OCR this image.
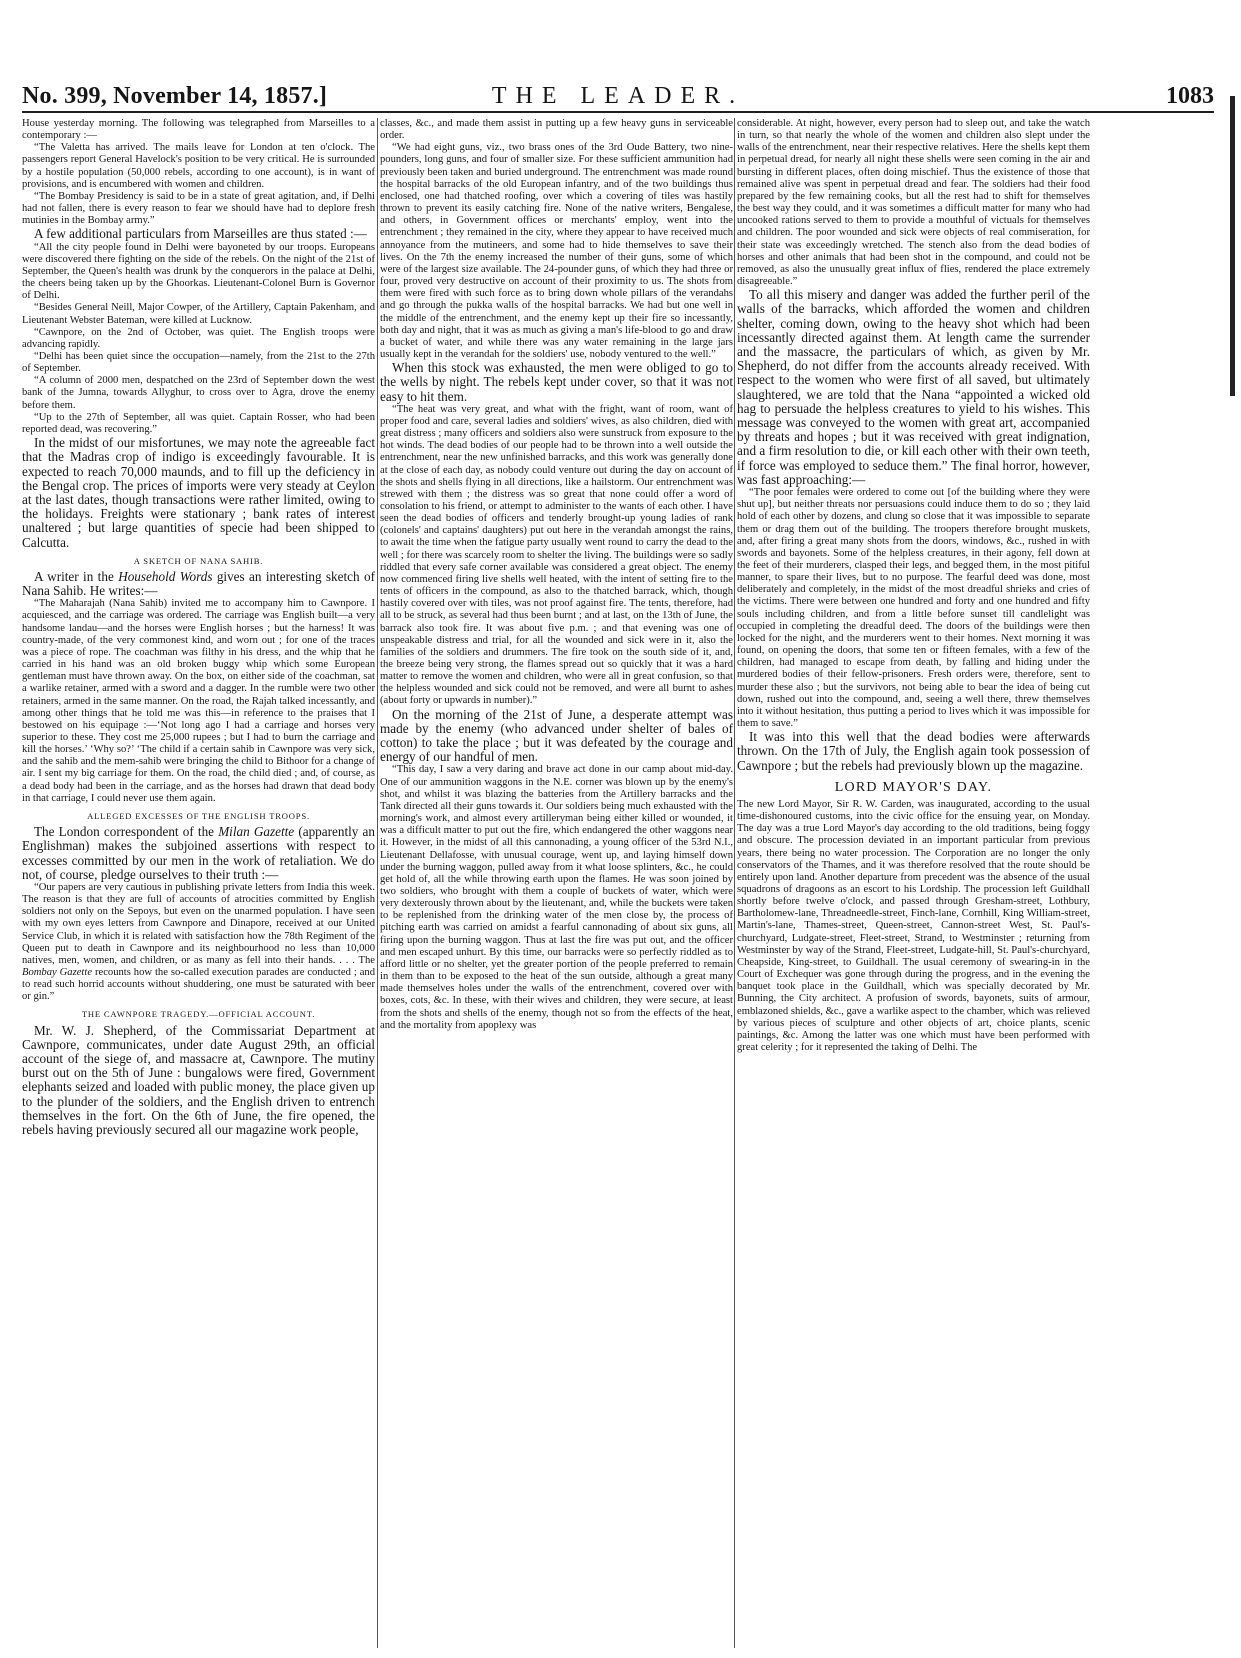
THE LEADER.
No. 399, November 14, 1857.]	1083

House yesterday morning. The following was telegraphed from Marseilles to a contemporary :—

“The Valetta has arrived. The mails leave for London at ten o'clock. The passengers report General Havelock's position to be very critical. He is surrounded by a hostile population (50,000 rebels, according to one account), is in want of provisions, and is encumbered with women and children.

“The Bombay Presidency is said to be in a state of great agitation, and, if Delhi had not fallen, there is every reason to fear we should have had to deplore fresh mutinies in the Bombay army.”

A few additional particulars from Marseilles are thus stated :—

“All the city people found in Delhi were bayoneted by our troops. Europeans were discovered there fighting on the side of the rebels. On the night of the 21st of September, the Queen's health was drunk by the conquerors in the palace at Delhi, the cheers being taken up by the Ghoorkas. Lieutenant-Colonel Burn is Governor of Delhi.

“Besides General Neill, Major Cowper, of the Artillery, Captain Pakenham, and Lieutenant Webster Bateman, were killed at Lucknow.

“Cawnpore, on the 2nd of October, was quiet. The English troops were advancing rapidly.

“Delhi has been quiet since the occupation—namely, from the 21st to the 27th of September.

“A column of 2000 men, despatched on the 23rd of September down the west bank of the Jumna, towards Allyghur, to cross over to Agra, drove the enemy before them.

“Up to the 27th of September, all was quiet. Captain Rosser, who had been reported dead, was recovering.”

In the midst of our misfortunes, we may note the agreeable fact that the Madras crop of indigo is exceedingly favourable. It is expected to reach 70,000 maunds, and to fill up the deficiency in the Bengal crop. The prices of imports were very steady at Ceylon at the last dates, though transactions were rather limited, owing to the holidays. Freights were stationary ; bank rates of interest unaltered ; but large quantities of specie had been shipped to Calcutta.

A SKETCH OF NANA SAHIB.

A writer in the Household Words gives an interesting sketch of Nana Sahib. He writes:—

“The Maharajah (Nana Sahib) invited me to accompany him to Cawnpore. I acquiesced, and the carriage was ordered. The carriage was English built—a very handsome landau—and the horses were English horses ; but the harness! It was country-made, of the very commonest kind, and worn out ; for one of the traces was a piece of rope. The coachman was filthy in his dress, and the whip that he carried in his hand was an old broken buggy whip which some European gentleman must have thrown away. On the box, on either side of the coachman, sat a warlike retainer, armed with a sword and a dagger. In the rumble were two other retainers, armed in the same manner. On the road, the Rajah talked incessantly, and among other things that he told me was this—in reference to the praises that I bestowed on his equipage :—‘Not long ago I had a carriage and horses very superior to these. They cost me 25,000 rupees ; but I had to burn the carriage and kill the horses.’ ‘Why so?’ ‘The child if a certain sahib in Cawnpore was very sick, and the sahib and the mem-sahib were bringing the child to Bithoor for a change of air. I sent my big carriage for them. On the road, the child died ; and, of course, as a dead body had been in the carriage, and as the horses had drawn that dead body in that carriage, I could never use them again.

ALLEGED EXCESSES OF THE ENGLISH TROOPS.

The London correspondent of the Milan Gazette (apparently an Englishman) makes the subjoined assertions with respect to excesses committed by our men in the work of retaliation. We do not, of course, pledge ourselves to their truth :—

“Our papers are very cautious in publishing private letters from India this week. The reason is that they are full of accounts of atrocities committed by English soldiers not only on the Sepoys, but even on the unarmed population. I have seen with my own eyes letters from Cawnpore and Dinapore, received at our United Service Club, in which it is related with satisfaction how the 78th Regiment of the Queen put to death in Cawnpore and its neighbourhood no less than 10,000 natives, men, women, and children, or as many as fell into their hands. . . . The Bombay Gazette recounts how the so-called execution parades are conducted ; and to read such horrid accounts without shuddering, one must be saturated with beer or gin.”

THE CAWNPORE TRAGEDY.—OFFICIAL ACCOUNT.

Mr. W. J. Shepherd, of the Commissariat Department at Cawnpore, communicates, under date August 29th, an official account of the siege of, and massacre at, Cawnpore. The mutiny burst out on the 5th of June : bungalows were fired, Government elephants seized and loaded with public money, the place given up to the plunder of the soldiers, and the English driven to entrench themselves in the fort. On the 6th of June, the fire opened, the rebels having previously secured all our magazine work people,

classes, &c., and made them assist in putting up a few heavy guns in serviceable order.

“We had eight guns, viz., two brass ones of the 3rd Oude Battery, two nine-pounders, long guns, and four of smaller size. For these sufficient ammunition had previously been taken and buried underground. The entrenchment was made round the hospital barracks of the old European infantry, and of the two buildings thus enclosed, one had thatched roofing, over which a covering of tiles was hastily thrown to prevent its easily catching fire. None of the native writers, Bengalese, and others, in Government offices or merchants' employ, went into the entrenchment ; they remained in the city, where they appear to have received much annoyance from the mutineers, and some had to hide themselves to save their lives. On the 7th the enemy increased the number of their guns, some of which were of the largest size available. The 24-pounder guns, of which they had three or four, proved very destructive on account of their proximity to us. The shots from them were fired with such force as to bring down whole pillars of the verandahs and go through the pukka walls of the hospital barracks. We had but one well in the middle of the entrenchment, and the enemy kept up their fire so incessantly, both day and night, that it was as much as giving a man's life-blood to go and draw a bucket of water, and while there was any water remaining in the large jars usually kept in the verandah for the soldiers' use, nobody ventured to the well.”

When this stock was exhausted, the men were obliged to go to the wells by night. The rebels kept under cover, so that it was not easy to hit them.

“The heat was very great, and what with the fright, want of room, want of proper food and care, several ladies and soldiers' wives, as also children, died with great distress ; many officers and soldiers also were sunstruck from exposure to the hot winds. The dead bodies of our people had to be thrown into a well outside the entrenchment, near the new unfinished barracks, and this work was generally done at the close of each day, as nobody could venture out during the day on account of the shots and shells flying in all directions, like a hailstorm. Our entrenchment was strewed with them ; the distress was so great that none could offer a word of consolation to his friend, or attempt to administer to the wants of each other. I have seen the dead bodies of officers and tenderly brought-up young ladies of rank (colonels' and captains' daughters) put out here in the verandah amongst the rains, to await the time when the fatigue party usually went round to carry the dead to the well ; for there was scarcely room to shelter the living. The buildings were so sadly riddled that every safe corner available was considered a great object. The enemy now commenced firing live shells well heated, with the intent of setting fire to the tents of officers in the compound, as also to the thatched barrack, which, though hastily covered over with tiles, was not proof against fire. The tents, therefore, had all to be struck, as several had thus been burnt ; and at last, on the 13th of June, the barrack also took fire. It was about five p.m. ; and that evening was one of unspeakable distress and trial, for all the wounded and sick were in it, also the families of the soldiers and drummers. The fire took on the south side of it, and, the breeze being very strong, the flames spread out so quickly that it was a hard matter to remove the women and children, who were all in great confusion, so that the helpless wounded and sick could not be removed, and were all burnt to ashes (about forty or upwards in number).”

On the morning of the 21st of June, a desperate attempt was made by the enemy (who advanced under shelter of bales of cotton) to take the place ; but it was defeated by the courage and energy of our handful of men.

“This day, I saw a very daring and brave act done in our camp about mid-day. One of our ammunition waggons in the N.E. corner was blown up by the enemy's shot, and whilst it was blazing the batteries from the Artillery barracks and the Tank directed all their guns towards it. Our soldiers being much exhausted with the morning's work, and almost every artilleryman being either killed or wounded, it was a difficult matter to put out the fire, which endangered the other waggons near it. However, in the midst of all this cannonading, a young officer of the 53rd N.I., Lieutenant Dellafosse, with unusual courage, went up, and laying himself down under the burning waggon, pulled away from it what loose splinters, &c., he could get hold of, all the while throwing earth upon the flames. He was soon joined by two soldiers, who brought with them a couple of buckets of water, which were very dexterously thrown about by the lieutenant, and, while the buckets were taken to be replenished from the drinking water of the men close by, the process of pitching earth was carried on amidst a fearful cannonading of about six guns, all firing upon the burning waggon. Thus at last the fire was put out, and the officer and men escaped unhurt. By this time, our barracks were so perfectly riddled as to afford little or no shelter, yet the greater portion of the people preferred to remain in them than to be exposed to the heat of the sun outside, although a great many made themselves holes under the walls of the entrenchment, covered over with boxes, cots, &c. In these, with their wives and children, they were secure, at least from the shots and shells of the enemy, though not so from the effects of the heat, and the mortality from apoplexy was

considerable. At night, however, every person had to sleep out, and take the watch in turn, so that nearly the whole of the women and children also slept under the walls of the entrenchment, near their respective relatives. Here the shells kept them in perpetual dread, for nearly all night these shells were seen coming in the air and bursting in different places, often doing mischief. Thus the existence of those that remained alive was spent in perpetual dread and fear. The soldiers had their food prepared by the few remaining cooks, but all the rest had to shift for themselves the best way they could, and it was sometimes a difficult matter for many who had uncooked rations served to them to provide a mouthful of victuals for themselves and children. The poor wounded and sick were objects of real commiseration, for their state was exceedingly wretched. The stench also from the dead bodies of horses and other animals that had been shot in the compound, and could not be removed, as also the unusually great influx of flies, rendered the place extremely disagreeable.”

To all this misery and danger was added the further peril of the walls of the barracks, which afforded the women and children shelter, coming down, owing to the heavy shot which had been incessantly directed against them. At length came the surrender and the massacre, the particulars of which, as given by Mr. Shepherd, do not differ from the accounts already received. With respect to the women who were first of all saved, but ultimately slaughtered, we are told that the Nana “appointed a wicked old hag to persuade the helpless creatures to yield to his wishes. This message was conveyed to the women with great art, accompanied by threats and hopes ; but it was received with great indignation, and a firm resolution to die, or kill each other with their own teeth, if force was employed to seduce them.” The final horror, however, was fast approaching:—

“The poor females were ordered to come out [of the building where they were shut up], but neither threats nor persuasions could induce them to do so ; they laid hold of each other by dozens, and clung so close that it was impossible to separate them or drag them out of the building. The troopers therefore brought muskets, and, after firing a great many shots from the doors, windows, &c., rushed in with swords and bayonets. Some of the helpless creatures, in their agony, fell down at the feet of their murderers, clasped their legs, and begged them, in the most pitiful manner, to spare their lives, but to no purpose. The fearful deed was done, most deliberately and completely, in the midst of the most dreadful shrieks and cries of the victims. There were between one hundred and forty and one hundred and fifty souls including children, and from a little before sunset till candlelight was occupied in completing the dreadful deed. The doors of the buildings were then locked for the night, and the murderers went to their homes. Next morning it was found, on opening the doors, that some ten or fifteen females, with a few of the children, had managed to escape from death, by falling and hiding under the murdered bodies of their fellow-prisoners. Fresh orders were, therefore, sent to murder these also ; but the survivors, not being able to bear the idea of being cut down, rushed out into the compound, and, seeing a well there, threw themselves into it without hesitation, thus putting a period to lives which it was impossible for them to save.”

It was into this well that the dead bodies were afterwards thrown. On the 17th of July, the English again took possession of Cawnpore ; but the rebels had previously blown up the magazine.

LORD MAYOR'S DAY.

The new Lord Mayor, Sir R. W. Carden, was inaugurated, according to the usual time-dishonoured customs, into the civic office for the ensuing year, on Monday. The day was a true Lord Mayor's day according to the old traditions, being foggy and obscure. The procession deviated in an important particular from previous years, there being no water procession. The Corporation are no longer the only conservators of the Thames, and it was therefore resolved that the route should be entirely upon land. Another departure from precedent was the absence of the usual squadrons of dragoons as an escort to his Lordship. The procession left Guildhall shortly before twelve o'clock, and passed through Gresham-street, Lothbury, Bartholomew-lane, Threadneedle-street, Finch-lane, Cornhill, King William-street, Martin's-lane, Thames-street, Queen-street, Cannon-street West, St. Paul's-churchyard, Ludgate-street, Fleet-street, Strand, to Westminster ; returning from Westminster by way of the Strand, Fleet-street, Ludgate-hill, St. Paul's-churchyard, Cheapside, King-street, to Guildhall. The usual ceremony of swearing-in in the Court of Exchequer was gone through during the progress, and in the evening the banquet took place in the Guildhall, which was specially decorated by Mr. Bunning, the City architect. A profusion of swords, bayonets, suits of armour, emblazoned shields, &c., gave a warlike aspect to the chamber, which was relieved by various pieces of sculpture and other objects of art, choice plants, scenic paintings, &c. Among the latter was one which must have been performed with great celerity ; for it represented the taking of Delhi. The
